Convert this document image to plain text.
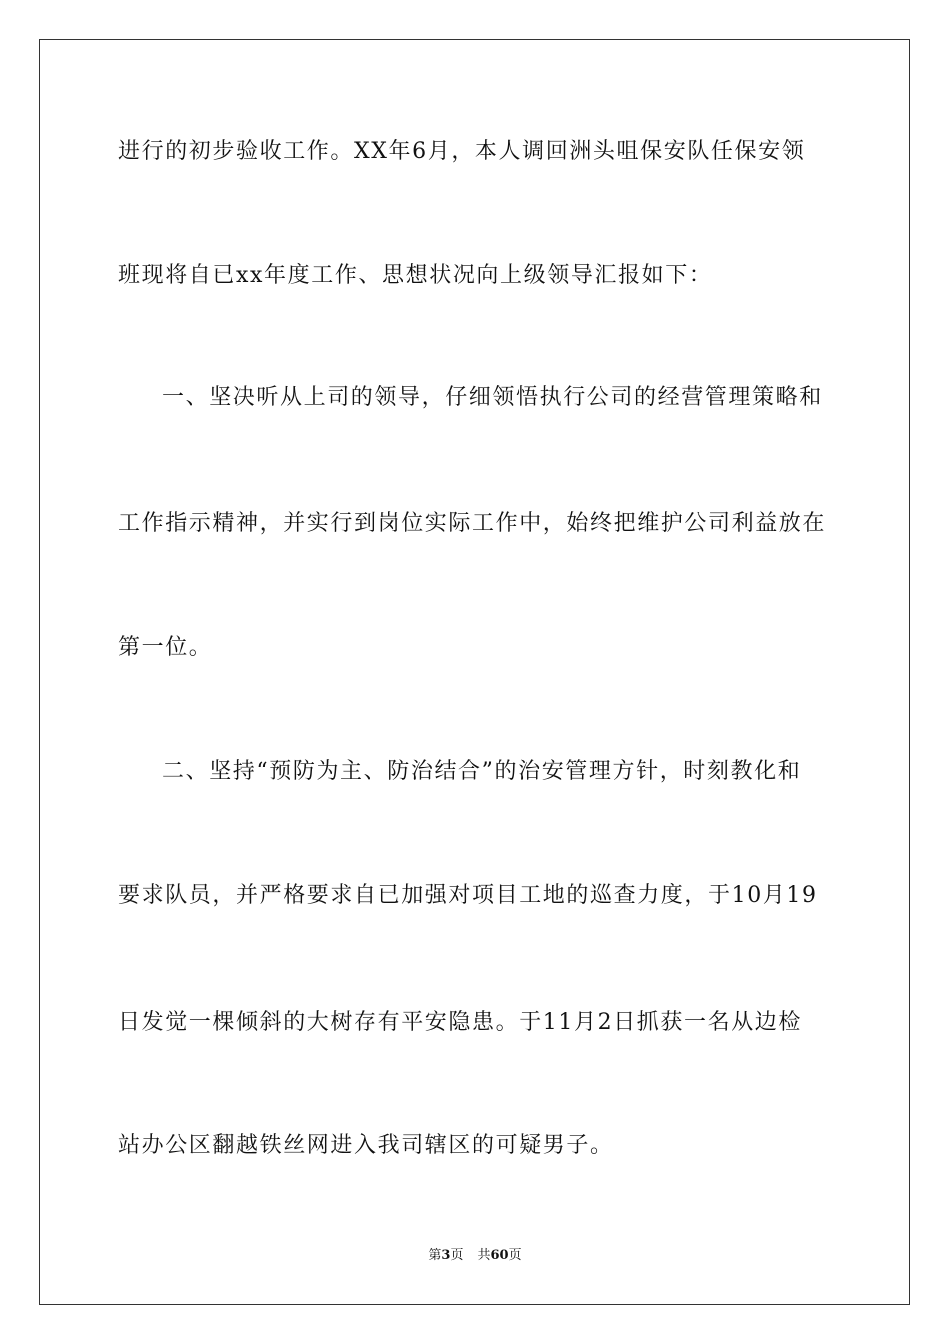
进行的初步验收工作。XX年6月，本人调回洲头咀保安队任保安领
班现将自已xx年度工作、思想状况向上级领导汇报如下：
一、坚决听从上司的领导，仔细领悟执行公司的经营管理策略和
工作指示精神，并实行到岗位实际工作中，始终把维护公司利益放在
第一位。
二、坚持“预防为主、防治结合”的治安管理方针，时刻教化和
要求队员，并严格要求自已加强对项目工地的巡查力度，于10月19
日发觉一棵倾斜的大树存有平安隐患。于11月2日抓获一名从边检
站办公区翻越铁丝网进入我司辖区的可疑男子。
第3页 共60页
